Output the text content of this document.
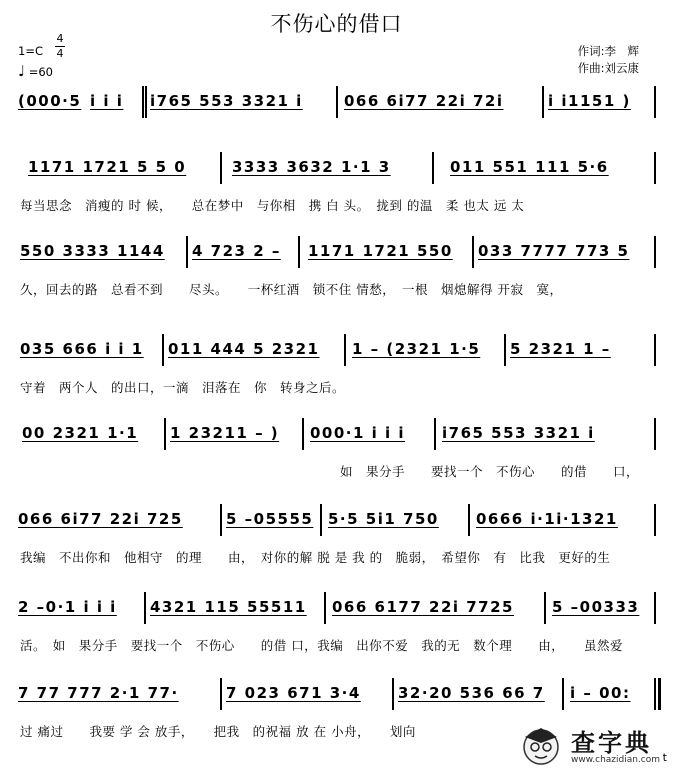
不伤心的借口
1=C
4
4
♩ =60
作词:李　辉
作曲:刘云康
(000·5 i i i i765 553 3321 i	066 6i77 22i 72i	i i1151 )
1171 1721 5 5 0	3333 3632 1·1 3	011 551 111 5·6
每当思念　消瘦的 时 候，　　总在梦中　与你相　携 白 头。　拢到 的温　柔 也太 远 太
550 3333 1144 4 723 2 – 1171 1721 550 033 7777 773 5
久，回去的路　总看不到　　尽头。　　一杯红酒　锁不住 情愁，　一根　烟熄解得 开寂　寞，
035 666 i i 1 011 444 5 2321 1 – (2321 1·5 5 2321 1 –
守着　两个人　的出口，一滴　泪落在　你　转身之后。
00 2321 1·1 1 23211 – ) 000·1 i i i i765 553 3321 i
如　果分手　　要找一个　不伤心　　的借　　口，
066 6i77 22i 725	5 –05555 5·5 5i1 750 0666 i·1i·1321
我编　不出你和　他相守　的理　　由，　对你的解 脱 是 我 的　脆弱，　希望你　有　比我　更好的生
2 –0·1 i i i 4321 115 55511 066 6177 22i 7725	5 –00333
活。　如　果分手　要找一个　不伤心　　的借 口，我编　出你不爱　我的无　数个理　　由，　　虽然爱
7 77 777 2·1 77·	7 023 671 3·4 32·20 536 66 7 i – 00:
过 痛过　　我要 学 会 放手，　　把我　的祝福 放 在 小舟，　　划向	查字典
www.chazidian.com t
